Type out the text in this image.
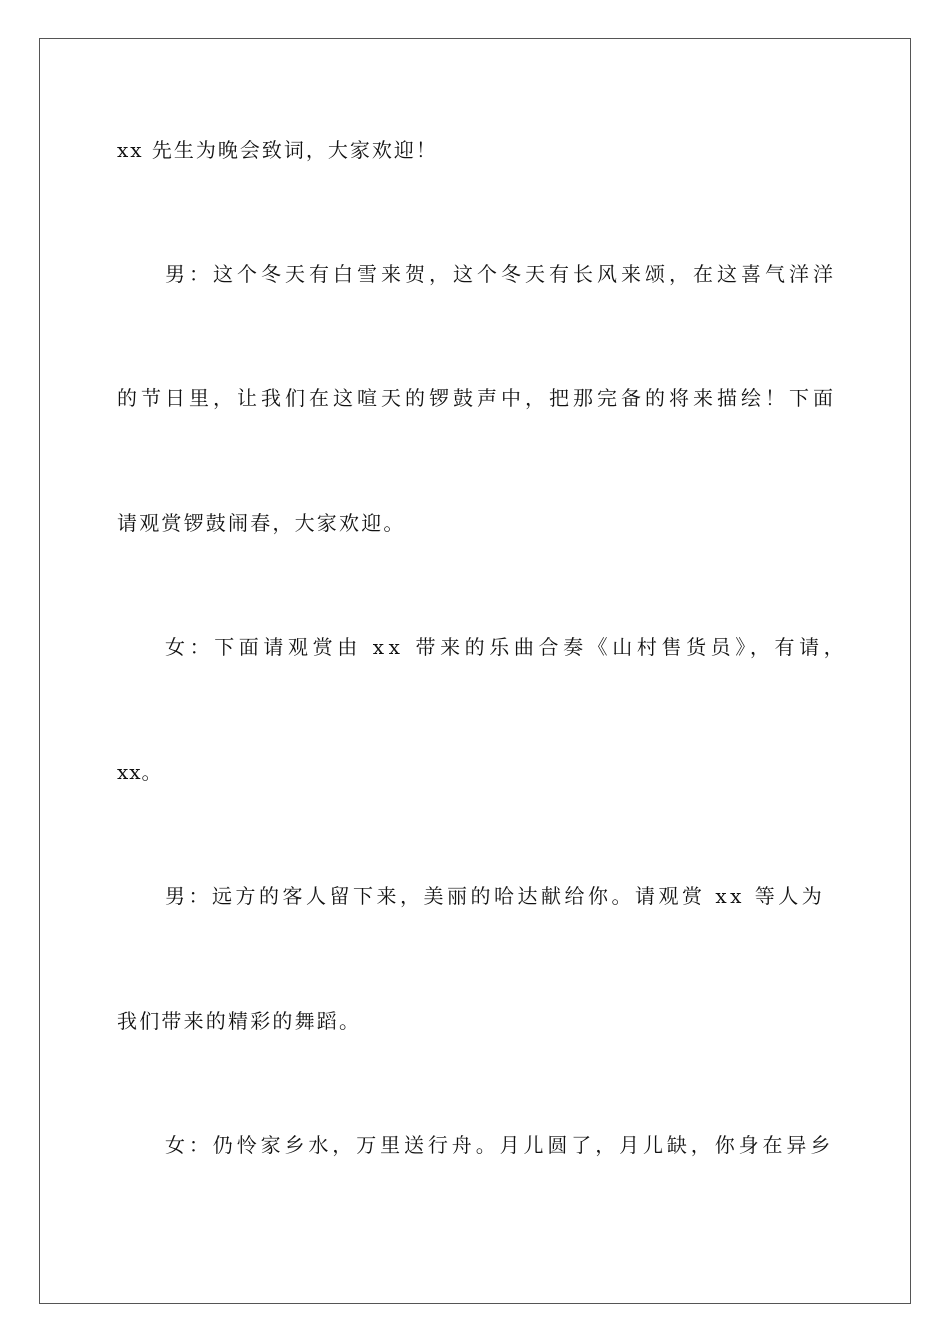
xx 先生为晚会致词，大家欢迎！
男：这个冬天有白雪来贺，这个冬天有长风来颂，在这喜气洋洋
的节日里，让我们在这喧天的锣鼓声中，把那完备的将来描绘！下面
请观赏锣鼓闹春，大家欢迎。
女：下面请观赏由 xx 带来的乐曲合奏《山村售货员》，有请，
xx。
男：远方的客人留下来，美丽的哈达献给你。请观赏 xx 等人为
我们带来的精彩的舞蹈。
女：仍怜家乡水，万里送行舟。月儿圆了，月儿缺，你身在异乡
